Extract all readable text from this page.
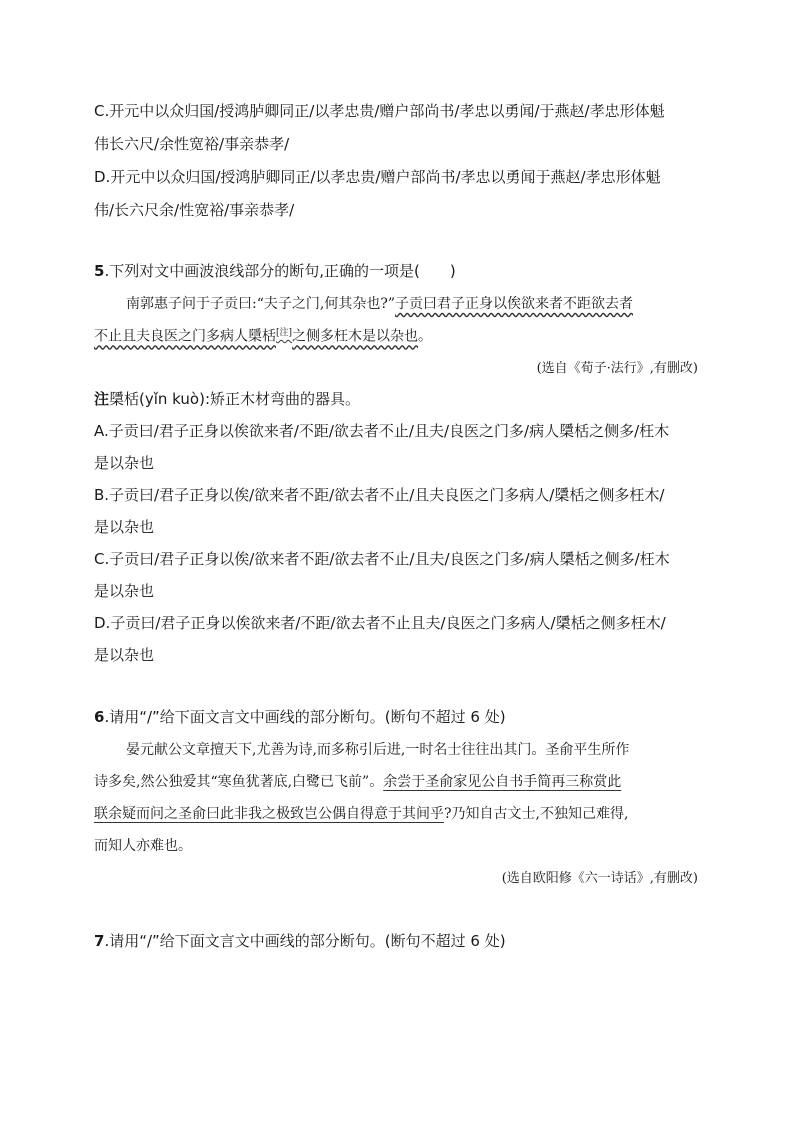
C.开元中以众归国/授鸿胪卿同正/以孝忠贵/赠户部尚书/孝忠以勇闻/于燕赵/孝忠形体魁
伟长六尺/余性宽裕/事亲恭孝/
D.开元中以众归国/授鸿胪卿同正/以孝忠贵/赠户部尚书/孝忠以勇闻于燕赵/孝忠形体魁
伟/长六尺余/性宽裕/事亲恭孝/
5.下列对文中画波浪线部分的断句,正确的一项是(　　)
南郭惠子问于子贡曰:“夫子之门,何其杂也?”子贡曰君子正身以俟欲来者不距欲去者
不止且夫良医之门多病人檃栝[注]之侧多枉木是以杂也。
(选自《荀子·法行》,有删改)
注檃栝(yǐn kuò):矫正木材弯曲的器具。
A.子贡曰/君子正身以俟欲来者/不距/欲去者不止/且夫/良医之门多/病人檃栝之侧多/枉木
是以杂也
B.子贡曰/君子正身以俟/欲来者不距/欲去者不止/且夫良医之门多病人/檃栝之侧多枉木/
是以杂也
C.子贡曰/君子正身以俟/欲来者不距/欲去者不止/且夫/良医之门多/病人檃栝之侧多/枉木
是以杂也
D.子贡曰/君子正身以俟欲来者/不距/欲去者不止且夫/良医之门多病人/檃栝之侧多枉木/
是以杂也
6.请用“/”给下面文言文中画线的部分断句。(断句不超过 6 处)
晏元献公文章擅天下,尤善为诗,而多称引后进,一时名士往往出其门。圣俞平生所作
诗多矣,然公独爱其“寒鱼犹著底,白鹭已飞前”。余尝于圣俞家见公自书手简再三称赏此
联余疑而问之圣俞曰此非我之极致岂公偶自得意于其间乎?乃知自古文士,不独知己难得,
而知人亦难也。
(选自欧阳修《六一诗话》,有删改)
7.请用“/”给下面文言文中画线的部分断句。(断句不超过 6 处)
